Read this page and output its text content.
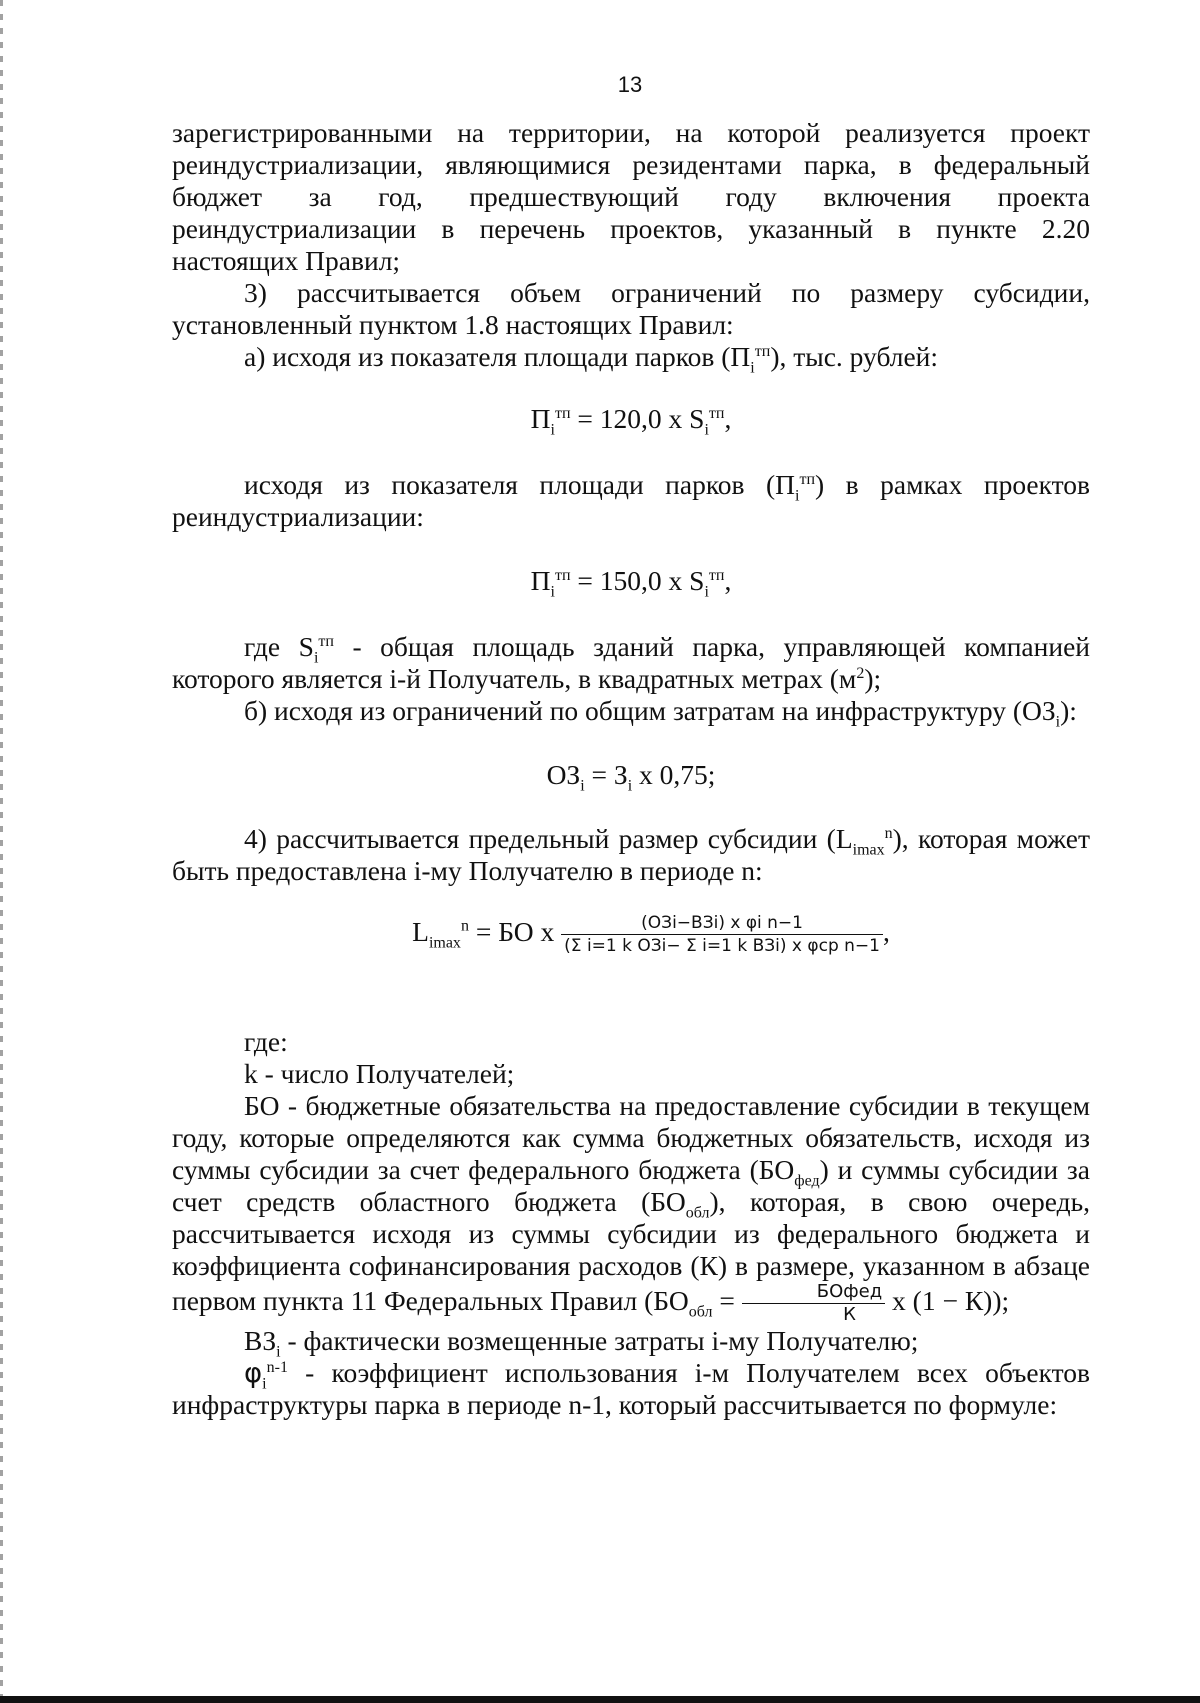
13

зарегистрированными на территории, на которой реализуется проект реиндустриализации, являющимися резидентами парка, в федеральный бюджет за год, предшествующий году включения проекта реиндустриализации в перечень проектов, указанный в пункте 2.20 настоящих Правил;

3) рассчитывается объем ограничений по размеру субсидии, установленный пунктом 1.8 настоящих Правил:

а) исходя из показателя площади парков $(П_i^{тп})$, тыс. рублей:

$П_i^{тп} = 120,0$ x $S_i^{тп}$,

исходя из показателя площади парков $(П_i^{тп})$ в рамках проектов реиндустриализации:

$П_i^{тп} = 150,0$ x $S_i^{тп}$,

где $S_i^{тп}$ - общая площадь зданий парка, управляющей компанией которого является i-й Получатель, в квадратных метрах $(м^2)$;

б) исходя из ограничений по общим затратам на инфраструктуру $(ОЗ_i)$:

$ОЗ_i = З_i$ x 0,75;

4) рассчитывается предельный размер субсидии $(L_{imax}^n)$, которая может быть предоставлена i-му Получателю в периоде n:

$L_{imax}^n$ = БО x $\frac{\text{(ОЗi−ВЗi) x φi n−1}}{\text{(Σ i=1 k ОЗi− Σ i=1 k ВЗi) x φср n−1}}$ ,

где:

k - число Получателей;

БО - бюджетные обязательства на предоставление субсидии в текущем году, которые определяются как сумма бюджетных обязательств, исходя из суммы субсидии за счет федерального бюджета $(БО_{фед})$ и суммы субсидии за счет средств областного бюджета $(БО_{обл})$, которая, в свою очередь, рассчитывается исходя из суммы субсидии из федерального бюджета и коэффициента софинансирования расходов (К) в размере, указанном в абзаце первом пункта 11 Федеральных Правил ($БО_{обл} = \frac{\text{БОфед}}{К}$ x (1 − К));

$ВЗ_i$ - фактически возмещенные затраты i-му Получателю;

$\varphi_i^{n-1}$ - коэффициент использования i-м Получателем всех объектов инфраструктуры парка в периоде n-1, который рассчитывается по формуле:
